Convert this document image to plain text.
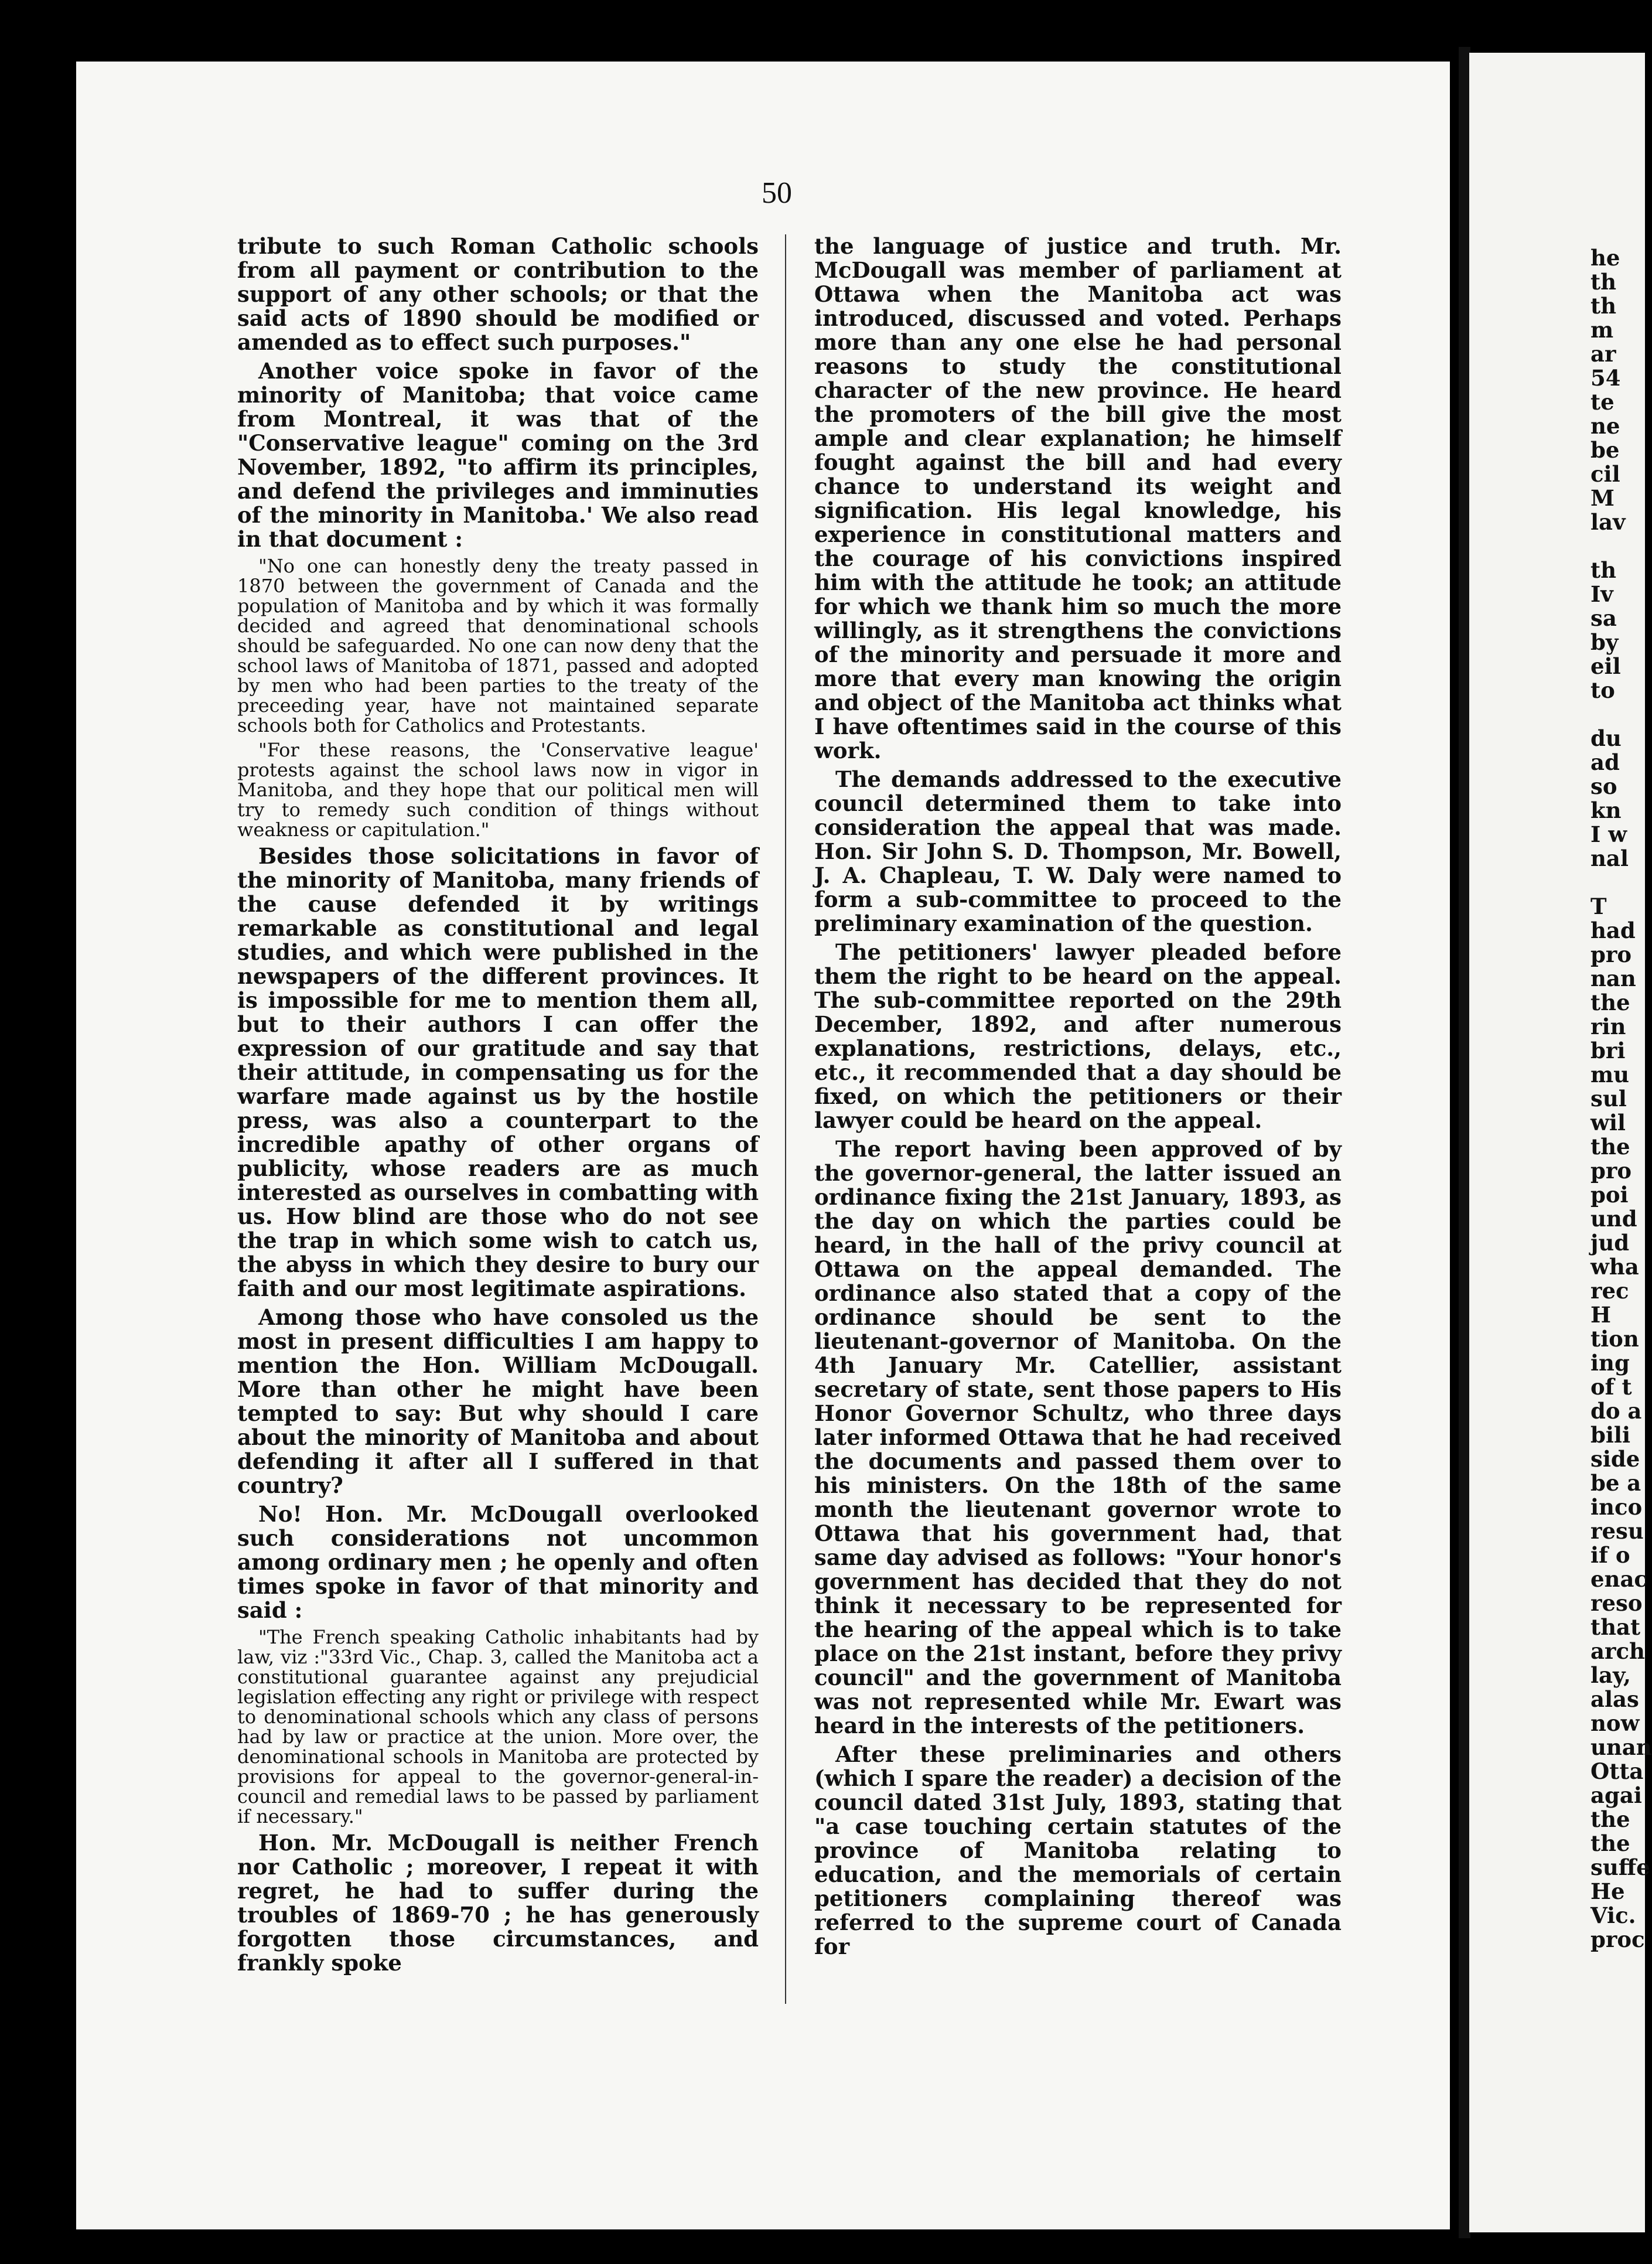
50

tribute to such Roman Catholic schools from all payment or contribution to the support of any other schools; or that the said acts of 1890 should be modified or amended as to effect such purposes."

Another voice spoke in favor of the minority of Manitoba; that voice came from Montreal, it was that of the "Conservative league" coming on the 3rd November, 1892, "to affirm its principles, and defend the privileges and imminuties of the minority in Manitoba.' We also read in that document :

"No one can honestly deny the treaty passed in 1870 between the government of Canada and the population of Manitoba and by which it was formally decided and agreed that denominational schools should be safeguarded. No one can now deny that the school laws of Manitoba of 1871, passed and adopted by men who had been parties to the treaty of the preceeding year, have not maintained separate schools both for Catholics and Protestants.

"For these reasons, the 'Conservative league' protests against the school laws now in vigor in Manitoba, and they hope that our political men will try to remedy such condition of things without weakness or capitulation."

Besides those solicitations in favor of the minority of Manitoba, many friends of the cause defended it by writings remarkable as constitutional and legal studies, and which were published in the newspapers of the different provinces. It is impossible for me to mention them all, but to their authors I can offer the expression of our gratitude and say that their attitude, in compensating us for the warfare made against us by the hostile press, was also a counterpart to the incredible apathy of other organs of publicity, whose readers are as much interested as ourselves in combatting with us. How blind are those who do not see the trap in which some wish to catch us, the abyss in which they desire to bury our faith and our most legitimate aspirations.

Among those who have consoled us the most in present difficulties I am happy to mention the Hon. William McDougall. More than other he might have been tempted to say: But why should I care about the minority of Manitoba and about defending it after all I suffered in that country?

No! Hon. Mr. McDougall overlooked such considerations not uncommon among ordinary men ; he openly and often times spoke in favor of that minority and said :

"The French speaking Catholic inhabitants had by law, viz :"33rd Vic., Chap. 3, called the Manitoba act a constitutional guarantee against any prejudicial legislation effecting any right or privilege with respect to denominational schools which any class of persons had by law or practice at the union. More over, the denominational schools in Manitoba are protected by provisions for appeal to the governor-general-in-council and remedial laws to be passed by parliament if necessary."

Hon. Mr. McDougall is neither French nor Catholic ; moreover, I repeat it with regret, he had to suffer during the troubles of 1869-70 ; he has generously forgotten those circumstances, and frankly spoke

the language of justice and truth. Mr. McDougall was member of parliament at Ottawa when the Manitoba act was introduced, discussed and voted. Perhaps more than any one else he had personal reasons to study the constitutional character of the new province. He heard the promoters of the bill give the most ample and clear explanation; he himself fought against the bill and had every chance to understand its weight and signification. His legal knowledge, his experience in constitutional matters and the courage of his convictions inspired him with the attitude he took; an attitude for which we thank him so much the more willingly, as it strengthens the convictions of the minority and persuade it more and more that every man knowing the origin and object of the Manitoba act thinks what I have oftentimes said in the course of this work.

The demands addressed to the executive council determined them to take into consideration the appeal that was made. Hon. Sir John S. D. Thompson, Mr. Bowell, J. A. Chapleau, T. W. Daly were named to form a sub-committee to proceed to the preliminary examination of the question.

The petitioners' lawyer pleaded before them the right to be heard on the appeal. The sub-committee reported on the 29th December, 1892, and after numerous explanations, restrictions, delays, etc., etc., it recommended that a day should be fixed, on which the petitioners or their lawyer could be heard on the appeal.

The report having been approved of by the governor-general, the latter issued an ordinance fixing the 21st January, 1893, as the day on which the parties could be heard, in the hall of the privy council at Ottawa on the appeal demanded. The ordinance also stated that a copy of the ordinance should be sent to the lieutenant-governor of Manitoba. On the 4th January Mr. Catellier, assistant secretary of state, sent those papers to His Honor Governor Schultz, who three days later informed Ottawa that he had received the documents and passed them over to his ministers. On the 18th of the same month the lieutenant governor wrote to Ottawa that his government had, that same day advised as follows: "Your honor's government has decided that they do not think it necessary to be represented for the hearing of the appeal which is to take place on the 21st instant, before they privy council" and the government of Manitoba was not represented while Mr. Ewart was heard in the interests of the petitioners.

After these preliminaries and others (which I spare the reader) a decision of the council dated 31st July, 1893, stating that "a case touching certain statutes of the province of Manitoba relating to education, and the memorials of certain petitioners complaining thereof was referred to the supreme court of Canada for

he
th
th
m
ar
54
te
ne
be
cil
M
lav
th
Iv
sa
by
eil
to
du
ad
so
kn
I w
nal
T
had
pro
nan
the
rin
bri
mu
sul
wil
the
pro
poi
und
jud
wha
rec
H
tion
ing
of t
do a
bili
side
be a
inco
resu
if o
enac
reso
that
arch
lay,
alas
now
unan
Otta
agai
the
the
suffe
He
Vic.
proc
